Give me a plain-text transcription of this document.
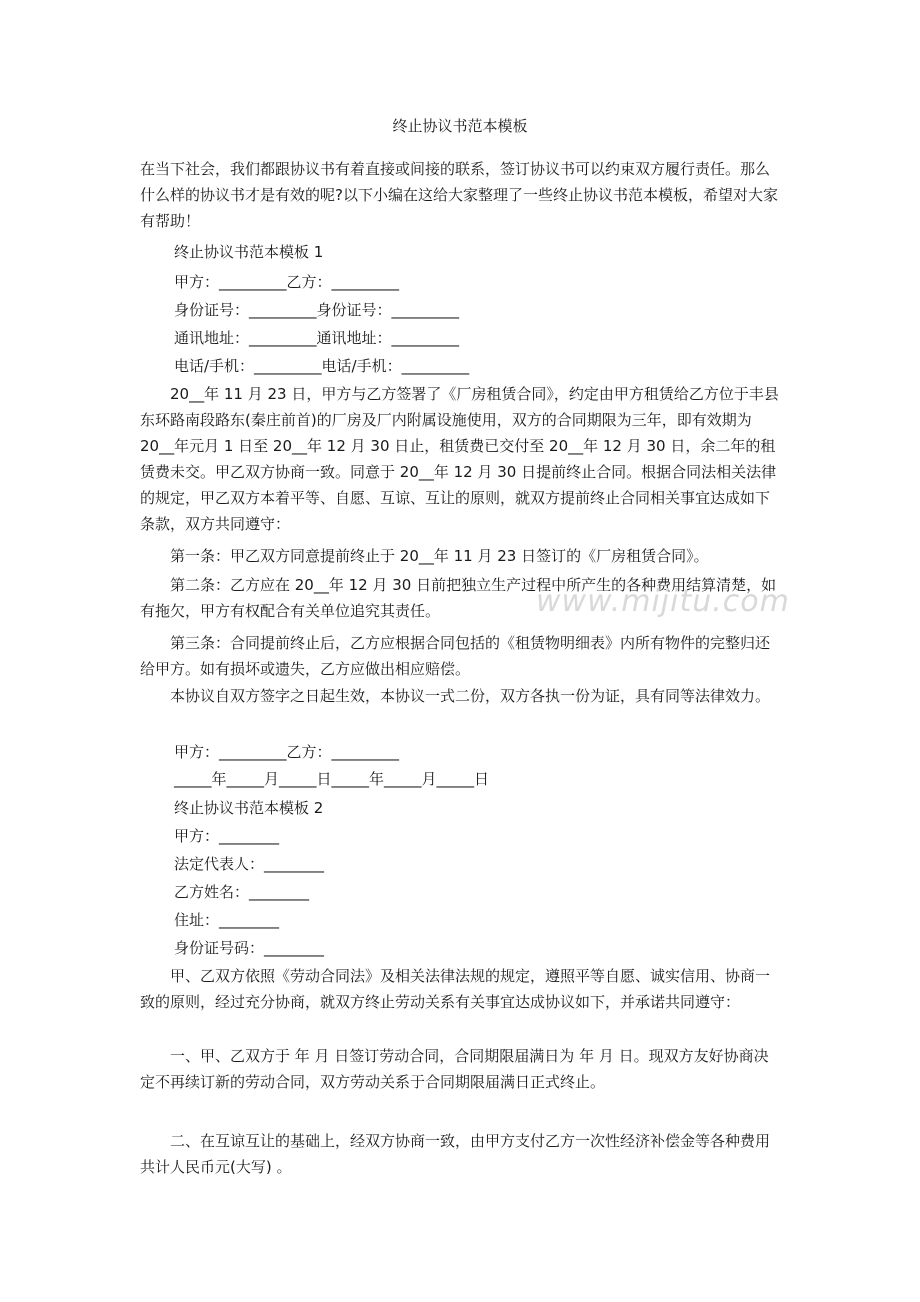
终止协议书范本模板

在当下社会，我们都跟协议书有着直接或间接的联系，签订协议书可以约束双方履行责任。那么什么样的协议书才是有效的呢?以下小编在这给大家整理了一些终止协议书范本模板，希望对大家有帮助！

终止协议书范本模板 1
甲方：_________乙方：_________
身份证号：_________身份证号：_________
通讯地址：_________通讯地址：_________
电话/手机：_________电话/手机：_________

20__年 11 月 23 日，甲方与乙方签署了《厂房租赁合同》，约定由甲方租赁给乙方位于丰县东环路南段路东(秦庄前首)的厂房及厂内附属设施使用，双方的合同期限为三年，即有效期为 20__年元月 1 日至 20__年 12 月 30 日止，租赁费已交付至 20__年 12 月 30 日，余二年的租赁费未交。甲乙双方协商一致。同意于 20__年 12 月 30 日提前终止合同。根据合同法相关法律的规定，甲乙双方本着平等、自愿、互谅、互让的原则，就双方提前终止合同相关事宜达成如下条款，双方共同遵守：

第一条：甲乙双方同意提前终止于 20__年 11 月 23 日签订的《厂房租赁合同》。

第二条：乙方应在 20__年 12 月 30 日前把独立生产过程中所产生的各种费用结算清楚，如有拖欠，甲方有权配合有关单位追究其责任。

第三条：合同提前终止后，乙方应根据合同包括的《租赁物明细表》内所有物件的完整归还给甲方。如有损坏或遗失，乙方应做出相应赔偿。

本协议自双方签字之日起生效，本协议一式二份，双方各执一份为证，具有同等法律效力。

甲方：_________乙方：_________
_____年_____月_____日_____年_____月_____日
终止协议书范本模板 2
甲方：________
法定代表人：________
乙方姓名：________
住址：________
身份证号码：________

甲、乙双方依照《劳动合同法》及相关法律法规的规定，遵照平等自愿、诚实信用、协商一致的原则，经过充分协商，就双方终止劳动关系有关事宜达成协议如下，并承诺共同遵守：

一、甲、乙双方于 年 月 日签订劳动合同，合同期限届满日为 年 月 日。现双方友好协商决定不再续订新的劳动合同，双方劳动关系于合同期限届满日正式终止。

二、在互谅互让的基础上，经双方协商一致，由甲方支付乙方一次性经济补偿金等各种费用共计人民币元(大写) 。

www.mijitu.com
